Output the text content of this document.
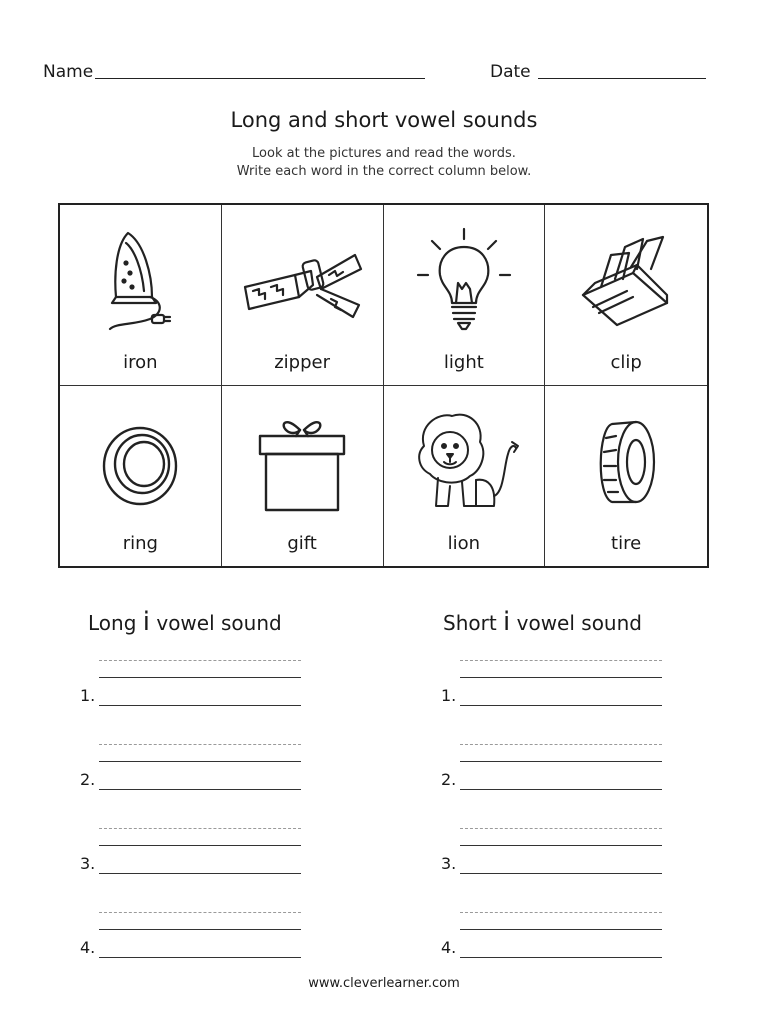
Name	Date
Long and short vowel sounds
Look at the pictures and read the words.
Write each word in the correct column below.
iron	zipper	light	clip
ring	gift	lion	tire
Long i vowel sound	Short i vowel sound
1.
2.
3.
4.
1.
2.
3.
4.
www.cleverlearner.com
